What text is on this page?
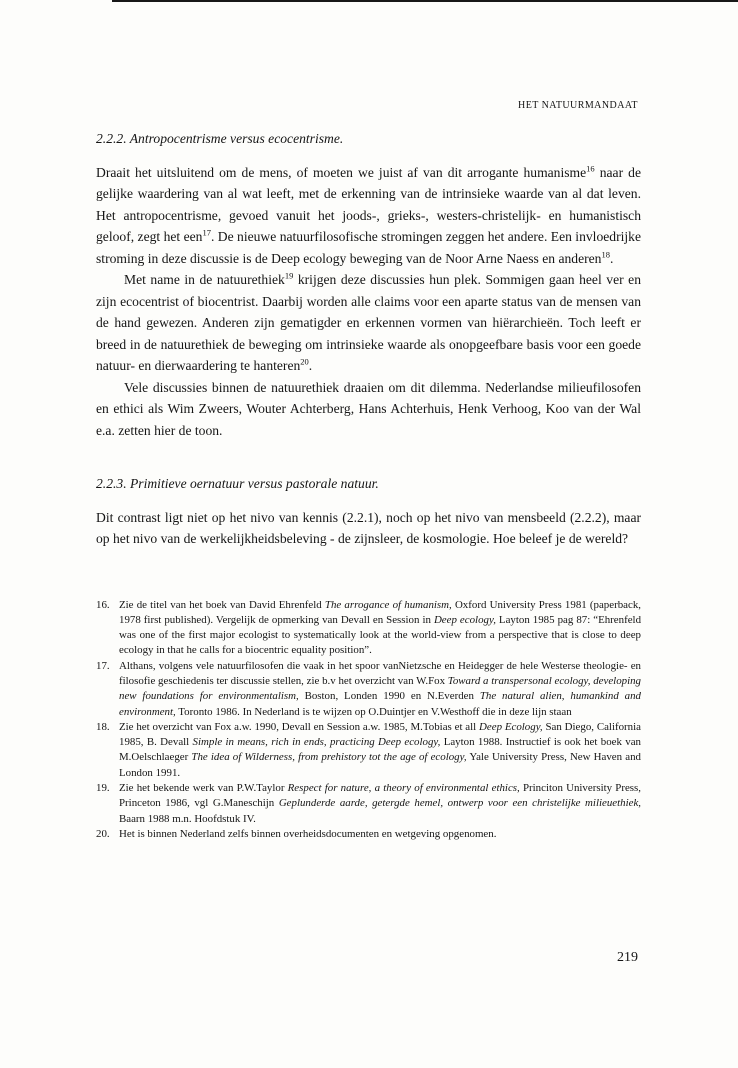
HET NATUURMANDAAT
2.2.2. Antropocentrisme versus ecocentrisme.

Draait het uitsluitend om de mens, of moeten we juist af van dit arrogante humanisme$^{16}$ naar de gelijke waardering van al wat leeft, met de erkenning van de intrinsieke waarde van al dat leven. Het antropocentrisme, gevoed vanuit het joods-, grieks-, westers-christelijk- en humanistisch geloof, zegt het een$^{17}$. De nieuwe natuurfilosofische stromingen zeggen het andere. Een invloedrijke stroming in deze discussie is de Deep ecology beweging van de Noor Arne Naess en anderen$^{18}$.

Met name in de natuurethiek$^{19}$ krijgen deze discussies hun plek. Sommigen gaan heel ver en zijn ecocentrist of biocentrist. Daarbij worden alle claims voor een aparte status van de mensen van de hand gewezen. Anderen zijn gematigder en erkennen vormen van hiërarchieën. Toch leeft er breed in de natuurethiek de beweging om intrinsieke waarde als onopgeefbare basis voor een goede natuur- en dierwaardering te hanteren$^{20}$.

Vele discussies binnen de natuurethiek draaien om dit dilemma. Nederlandse milieufilosofen en ethici als Wim Zweers, Wouter Achterberg, Hans Achterhuis, Henk Verhoog, Koo van der Wal e.a. zetten hier de toon.

2.2.3. Primitieve oernatuur versus pastorale natuur.

Dit contrast ligt niet op het nivo van kennis (2.2.1), noch op het nivo van mensbeeld (2.2.2), maar op het nivo van de werkelijkheidsbeleving - de zijnsleer, de kosmologie. Hoe beleef je de wereld?

16. Zie de titel van het boek van David Ehrenfeld The arrogance of humanism, Oxford University Press 1981 (paperback, 1978 first published). Vergelijk de opmerking van Devall en Session in Deep ecology, Layton 1985 pag 87: “Ehrenfeld was one of the first major ecologist to systematically look at the world-view from a perspective that is close to deep ecology in that he calls for a biocentric equality position”.
17. Althans, volgens vele natuurfilosofen die vaak in het spoor vanNietzsche en Heidegger de hele Westerse theologie- en filosofie geschiedenis ter discussie stellen, zie b.v het overzicht van W.Fox Toward a transpersonal ecology, developing new foundations for environmentalism, Boston, Londen 1990 en N.Everden The natural alien, humankind and environment, Toronto 1986. In Nederland is te wijzen op O.Duintjer en V.Westhoff die in deze lijn staan
18. Zie het overzicht van Fox a.w. 1990, Devall en Session a.w. 1985, M.Tobias et all Deep Ecology, San Diego, California 1985, B. Devall Simple in means, rich in ends, practicing Deep ecology, Layton 1988. Instructief is ook het boek van M.Oelschlaeger The idea of Wilderness, from prehistory tot the age of ecology, Yale University Press, New Haven and London 1991.
19. Zie het bekende werk van P.W.Taylor Respect for nature, a theory of environmental ethics, Princiton University Press, Princeton 1986, vgl G.Maneschijn Geplunderde aarde, getergde hemel, ontwerp voor een christelijke milieuethiek, Baarn 1988 m.n. Hoofdstuk IV.
20. Het is binnen Nederland zelfs binnen overheidsdocumenten en wetgeving opgenomen.
219
